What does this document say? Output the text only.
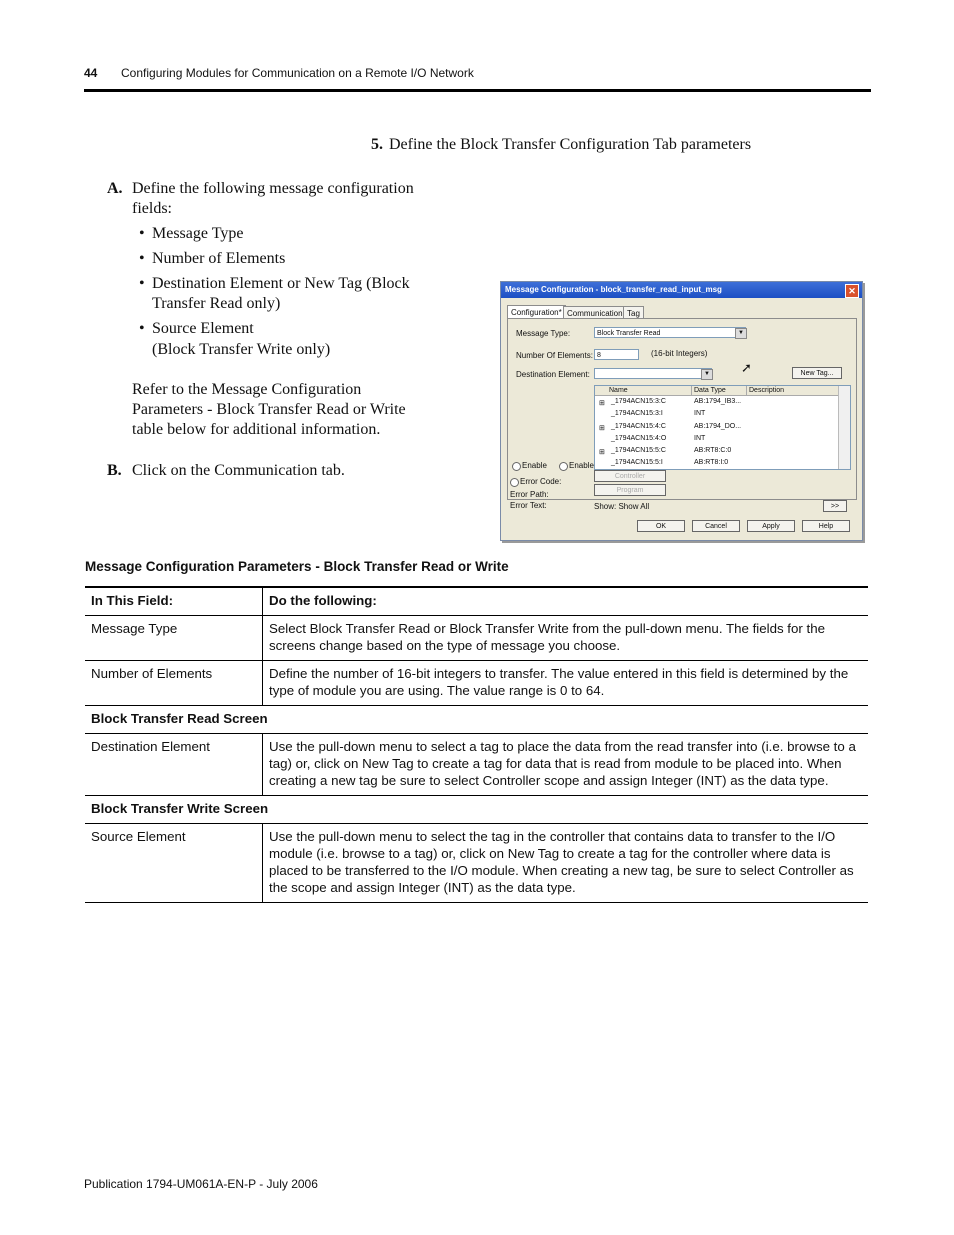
44 Configuring Modules for Communication on a Remote I/O Network
5. Define the Block Transfer Configuration Tab parameters
A. Define the following message configuration fields:
• Message Type
• Number of Elements
• Destination Element or New Tag (Block Transfer Read only)
• Source Element
(Block Transfer Write only)
Refer to the Message Configuration Parameters - Block Transfer Read or Write table below for additional information.
B. Click on the Communication tab.
Message Configuration - block_transfer_read_input_msg	✕
Configuration* Communication Tag
Message Type:	Block Transfer Read	▼
Number Of Elements: 8	(16-bit Integers)
Destination Element:	▼	New Tag...
Name	Data Type	Description
_1794ACN15:3:C	AB:1794_IB3...
_1794ACN15:3:I	INT
_1794ACN15:4:C	AB:1794_DO...
_1794ACN15:4:O	INT
_1794ACN15:5:C	AB:RT8:C:0
_1794ACN15:5:I	AB:RT8:I:0
⊞
⊞
⊞
Enable	Enable
Controller
Program
Error Code:
Error Path:
Error Text:	Show: Show All	>>
OK	Cancel	Apply	Help
➚
Message Configuration Parameters - Block Transfer Read or Write
In This Field:	Do the following:
Message Type	Select Block Transfer Read or Block Transfer Write from the pull-down menu. The fields for the screens change based on the type of message you choose.
Number of Elements	Define the number of 16-bit integers to transfer. The value entered in this field is determined by the type of module you are using. The value range is 0 to 64.
Block Transfer Read Screen	
Destination Element	Use the pull-down menu to select a tag to place the data from the read transfer into (i.e. browse to a tag) or, click on New Tag to create a tag for data that is read from module to be placed into. When creating a new tag be sure to select Controller scope and assign Integer (INT) as the data type.
Block Transfer Write Screen	
Source Element	Use the pull-down menu to select the tag in the controller that contains data to transfer to the I/O module (i.e. browse to a tag) or, click on New Tag to create a tag for the controller where data is placed to be transferred to the I/O module. When creating a new tag, be sure to select Controller as the scope and assign Integer (INT) as the data type.
Publication 1794-UM061A-EN-P - July 2006
